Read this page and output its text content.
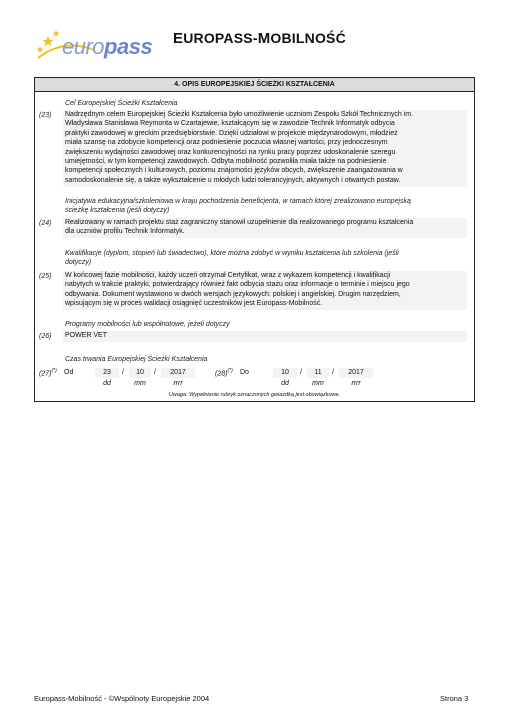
europass EUROPASS-MOBILNOŚĆ
4. OPIS EUROPEJSKIEJ ŚCIEŻKI KSZTAŁCENIA
Cel Europejskiej Ścieżki Kształcenia
(23) Nadrzędnym celem Europejskiej Ścieżki Kształcenia było umożliwienie uczniom Zespołu Szkół Technicznych im.
Władysława Stanisława Reymonta w Czartajewie, kształcącym się w zawodzie Technik Informatyk odbycia
praktyki zawodowej w greckim przedsiębiorstwie. Dzięki udziałowi w projekcie międzynarodowym, młodzież
miała szansę na zdobycie kompetencji oraz podniesienie poczucia własnej wartości, przy jednoczesnym
zwiększeniu wydajności zawodowej oraz konkurencyjności na rynku pracy poprzez udoskonalenie szeregu
umiejętności, w tym kompetencji zawodowych. Odbyta mobilność pozwoliła miała także na podniesienie
kompetencji społecznych i kulturowych, poziomu znajomości języków obcych, zwiększenie zaangażowania w
samodoskonalenie się, a także wykształcenie u młodych ludzi tolerancyjnych, aktywnych i otwartych postaw.
Inicjatywa edukacyjna/szkoleniowa w kraju pochodzenia beneficjenta, w ramach której zrealizowano europejską
ścieżkę kształcenia (jeśli dotyczy)
(24) Realizowany w ramach projektu staż zagraniczny stanowił uzupełnienie dla realizowanego programu kształcenia
dla uczniów profilu Technik Informatyk.
Kwalifikacje (dyplom, stopień lub świadectwo), które można zdobyć w wyniku kształcenia lub szkolenia (jeśli
dotyczy)
(25) W końcowej fazie mobilności, każdy uczeń otrzymał Certyfikat, wraz z wykazem kompetencji i kwalifikacji
nabytych w trakcie praktyki, potwierdzający również fakt odbycia stażu oraz informacje o terminie i miejscu jego
odbywania. Dokument wystawiono w dwóch wersjach językowych: polskiej i angielskiej. Drugim narzędziem,
wpisującym się w proces walidacji osiągnięć uczestników jest Europass-Mobilność.
Programy mobilności lub współnotowe, jeżeli dotyczy
(26) POWER VET
Czas trwania Europejskiej Ścieżki Kształcenia
(27)(*) Od	23	/	10	/	2017
dd	mm	rrrr
(28)(*) Do	10	/	11	/	2017
dd	mm	rrrr
Uwaga: Wypełnienie rubryk oznaczonych gwiazdką jest obowiązkowe.
Europass-Mobilność - ©Wspólnoty Europejskie 2004	Strona 3
